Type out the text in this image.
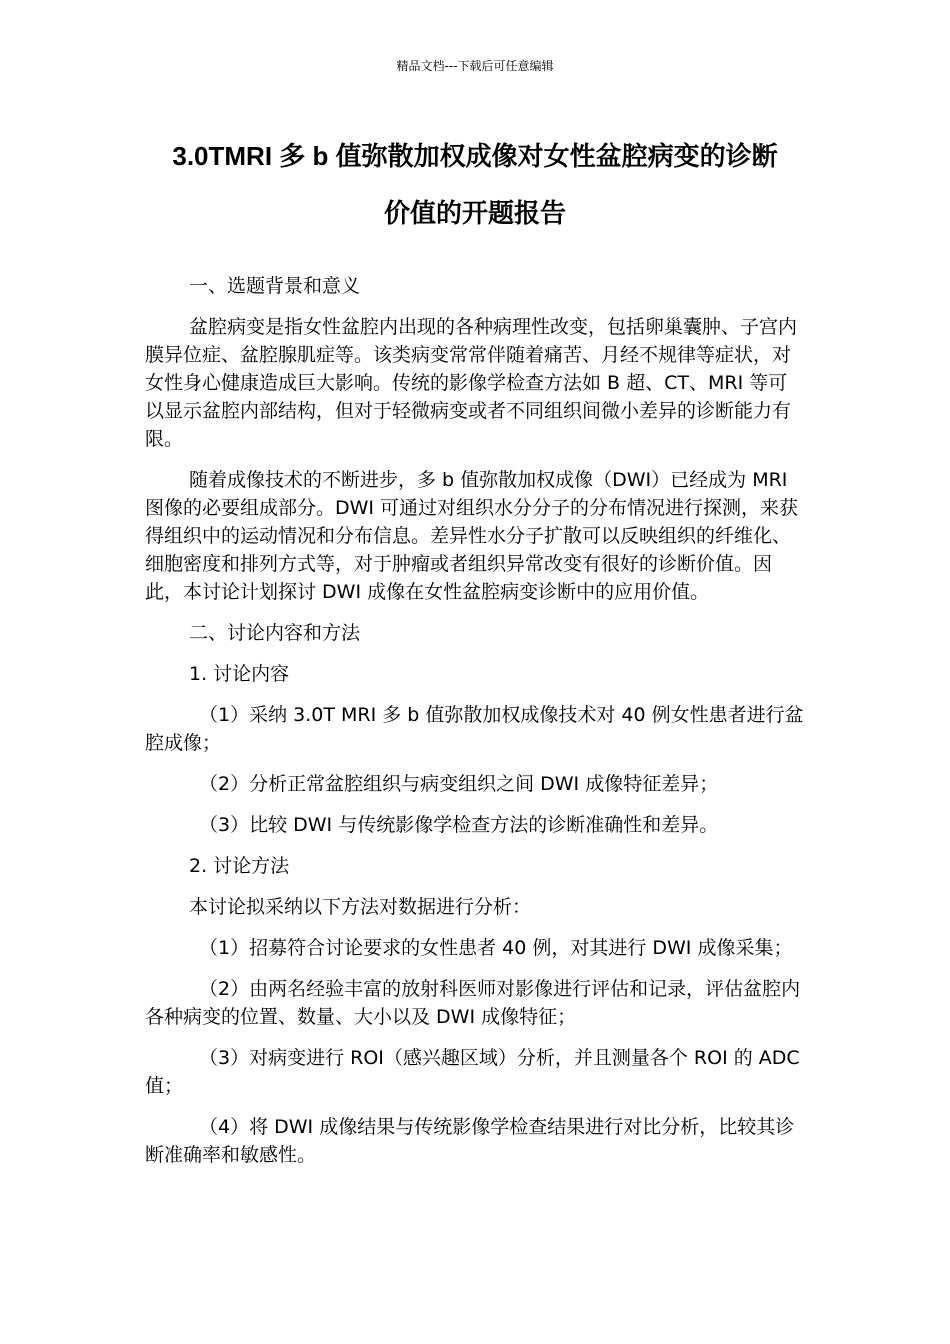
精品文档---下载后可任意编辑
3.0TMRI 多 b 值弥散加权成像对女性盆腔病变的诊断
价值的开题报告

一、选题背景和意义

盆腔病变是指女性盆腔内出现的各种病理性改变，包括卵巢囊肿、子宫内膜异位症、盆腔腺肌症等。该类病变常常伴随着痛苦、月经不规律等症状，对女性身心健康造成巨大影响。传统的影像学检查方法如 B 超、CT、MRI 等可以显示盆腔内部结构，但对于轻微病变或者不同组织间微小差异的诊断能力有限。

随着成像技术的不断进步，多 b 值弥散加权成像（DWI）已经成为 MRI 图像的必要组成部分。DWI 可通过对组织水分分子的分布情况进行探测，来获得组织中的运动情况和分布信息。差异性水分子扩散可以反映组织的纤维化、细胞密度和排列方式等，对于肿瘤或者组织异常改变有很好的诊断价值。因此，本讨论计划探讨 DWI 成像在女性盆腔病变诊断中的应用价值。

二、讨论内容和方法

1. 讨论内容

（1）采纳 3.0T MRI 多 b 值弥散加权成像技术对 40 例女性患者进行盆腔成像；

（2）分析正常盆腔组织与病变组织之间 DWI 成像特征差异；

（3）比较 DWI 与传统影像学检查方法的诊断准确性和差异。

2. 讨论方法

本讨论拟采纳以下方法对数据进行分析：

（1）招募符合讨论要求的女性患者 40 例，对其进行 DWI 成像采集；

（2）由两名经验丰富的放射科医师对影像进行评估和记录，评估盆腔内各种病变的位置、数量、大小以及 DWI 成像特征；

（3）对病变进行 ROI（感兴趣区域）分析，并且测量各个 ROI 的 ADC 值；

（4）将 DWI 成像结果与传统影像学检查结果进行对比分析，比较其诊断准确率和敏感性。
